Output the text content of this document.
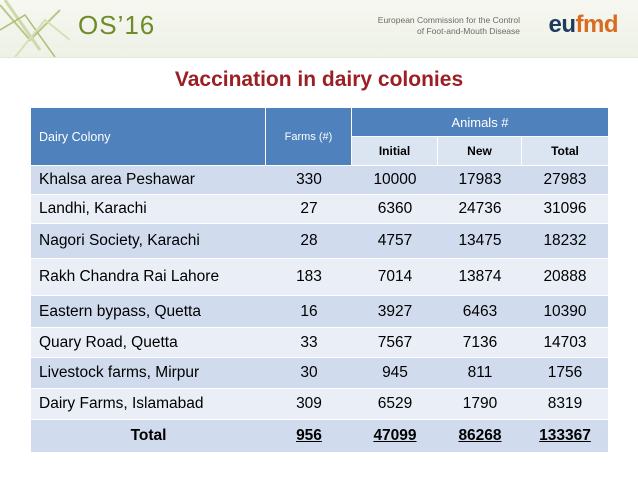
OS’16	European Commission for the Control
of Foot-and-Mouth Disease eufmd
Vaccination in dairy colonies
Dairy Colony	Farms (#)	Animals #		
		Initial	New	Total
Khalsa area Peshawar	330	10000	17983	27983
Landhi, Karachi	27	6360	24736	31096
Nagori Society, Karachi	28	4757	13475	18232
Rakh Chandra Rai Lahore	183	7014	13874	20888
Eastern bypass, Quetta	16	3927	6463	10390
Quary Road, Quetta	33	7567	7136	14703
Livestock farms, Mirpur	30	945	811	1756
Dairy Farms, Islamabad	309	6529	1790	8319
Total	956	47099	86268	133367
